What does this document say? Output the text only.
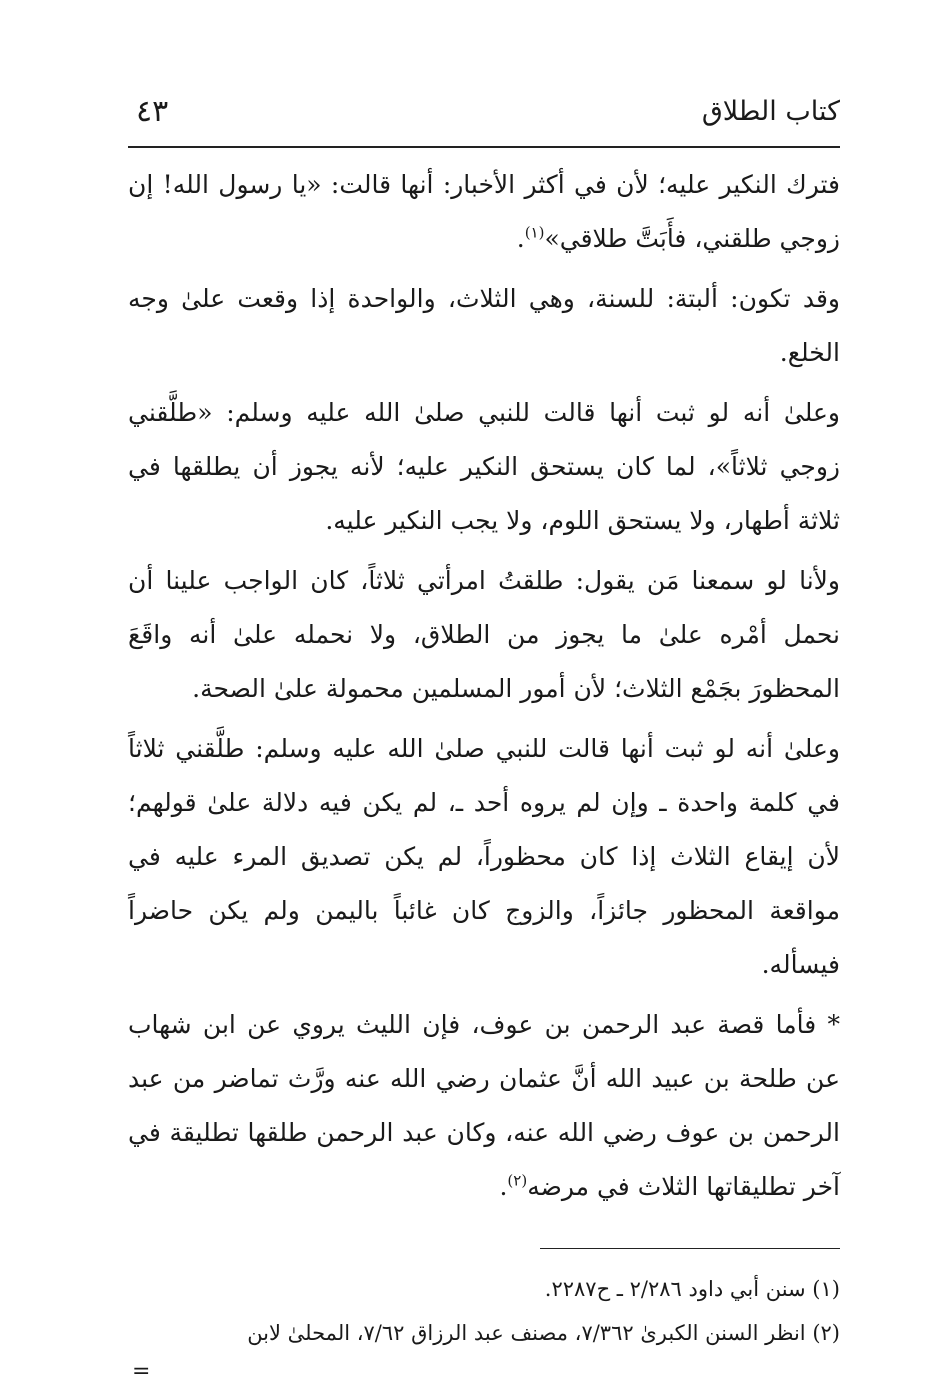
كتاب الطلاق
٤٣

فترك النكير عليه؛ لأن في أكثر الأخبار: أنها قالت: «يا رسول الله! إن زوجي طلقني، فأَبَتَّ طلاقي»$^{(١)}$.

وقد تكون: ألبتة: للسنة، وهي الثلاث، والواحدة إذا وقعت علىٰ وجه الخلع.

وعلىٰ أنه لو ثبت أنها قالت للنبي صلىٰ الله عليه وسلم: «طلَّقني زوجي ثلاثاً»، لما كان يستحق النكير عليه؛ لأنه يجوز أن يطلقها في ثلاثة أطهار، ولا يستحق اللوم، ولا يجب النكير عليه.

ولأنا لو سمعنا مَن يقول: طلقتُ امرأتي ثلاثاً، كان الواجب علينا أن نحمل أمْره علىٰ ما يجوز من الطلاق، ولا نحمله علىٰ أنه واقَعَ المحظورَ بجَمْع الثلاث؛ لأن أمور المسلمين محمولة علىٰ الصحة.

وعلىٰ أنه لو ثبت أنها قالت للنبي صلىٰ الله عليه وسلم: طلَّقني ثلاثاً في كلمة واحدة ـ وإن لم يروه أحد ـ، لم يكن فيه دلالة علىٰ قولهم؛ لأن إيقاع الثلاث إذا كان محظوراً، لم يكن تصديق المرء عليه في مواقعة المحظور جائزاً، والزوج كان غائباً باليمن ولم يكن حاضراً فيسأله.

* فأما قصة عبد الرحمن بن عوف، فإن الليث يروي عن ابن شهاب عن طلحة بن عبيد الله أنَّ عثمان رضي الله عنه ورَّث تماضر من عبد الرحمن بن عوف رضي الله عنه، وكان عبد الرحمن طلقها تطليقة في آخر تطليقاتها الثلاث في مرضه$^{(٢)}$.

(١) سنن أبي داود ٢/٢٨٦ ـ ح٢٢٨٧.

(٢) انظر السنن الكبرىٰ ٧/٣٦٢، مصنف عبد الرزاق ٧/٦٢، المحلىٰ لابن

=
